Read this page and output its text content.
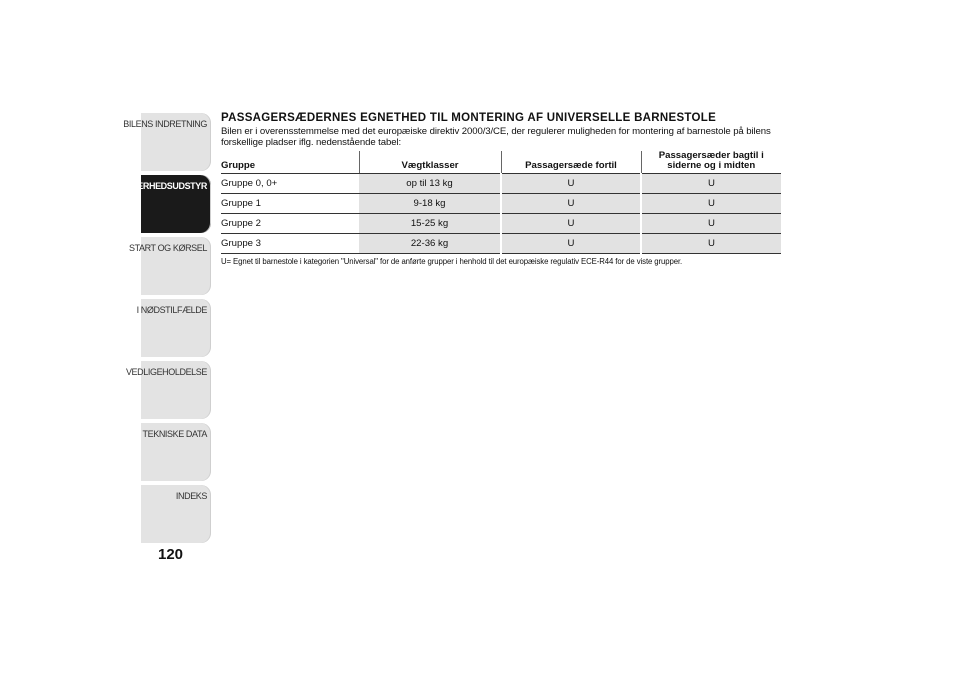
BILENS INDRETNING
SIKKERHEDSUDSTYR
START OG KØRSEL
I NØDSTILFÆLDE
VEDLIGEHOLDELSE
TEKNISKE DATA
INDEKS
120
PASSAGERSÆDERNES EGNETHED TIL MONTERING AF UNIVERSELLE BARNESTOLE

Bilen er i overensstemmelse med det europæiske direktiv 2000/3/CE, der regulerer muligheden for montering af barnestole på bilens forskellige pladser iflg. nedenstående tabel:

Gruppe	Vægtklasser	Passagersæde fortil	Passagersæder bagtil i siderne og i midten
Gruppe 0, 0+	op til 13 kg	U	U
Gruppe 1	9-18 kg	U	U
Gruppe 2	15-25 kg	U	U
Gruppe 3	22-36 kg	U	U
U= Egnet til barnestole i kategorien "Universal" for de anførte grupper i henhold til det europæiske regulativ ECE-R44 for de viste grupper.
